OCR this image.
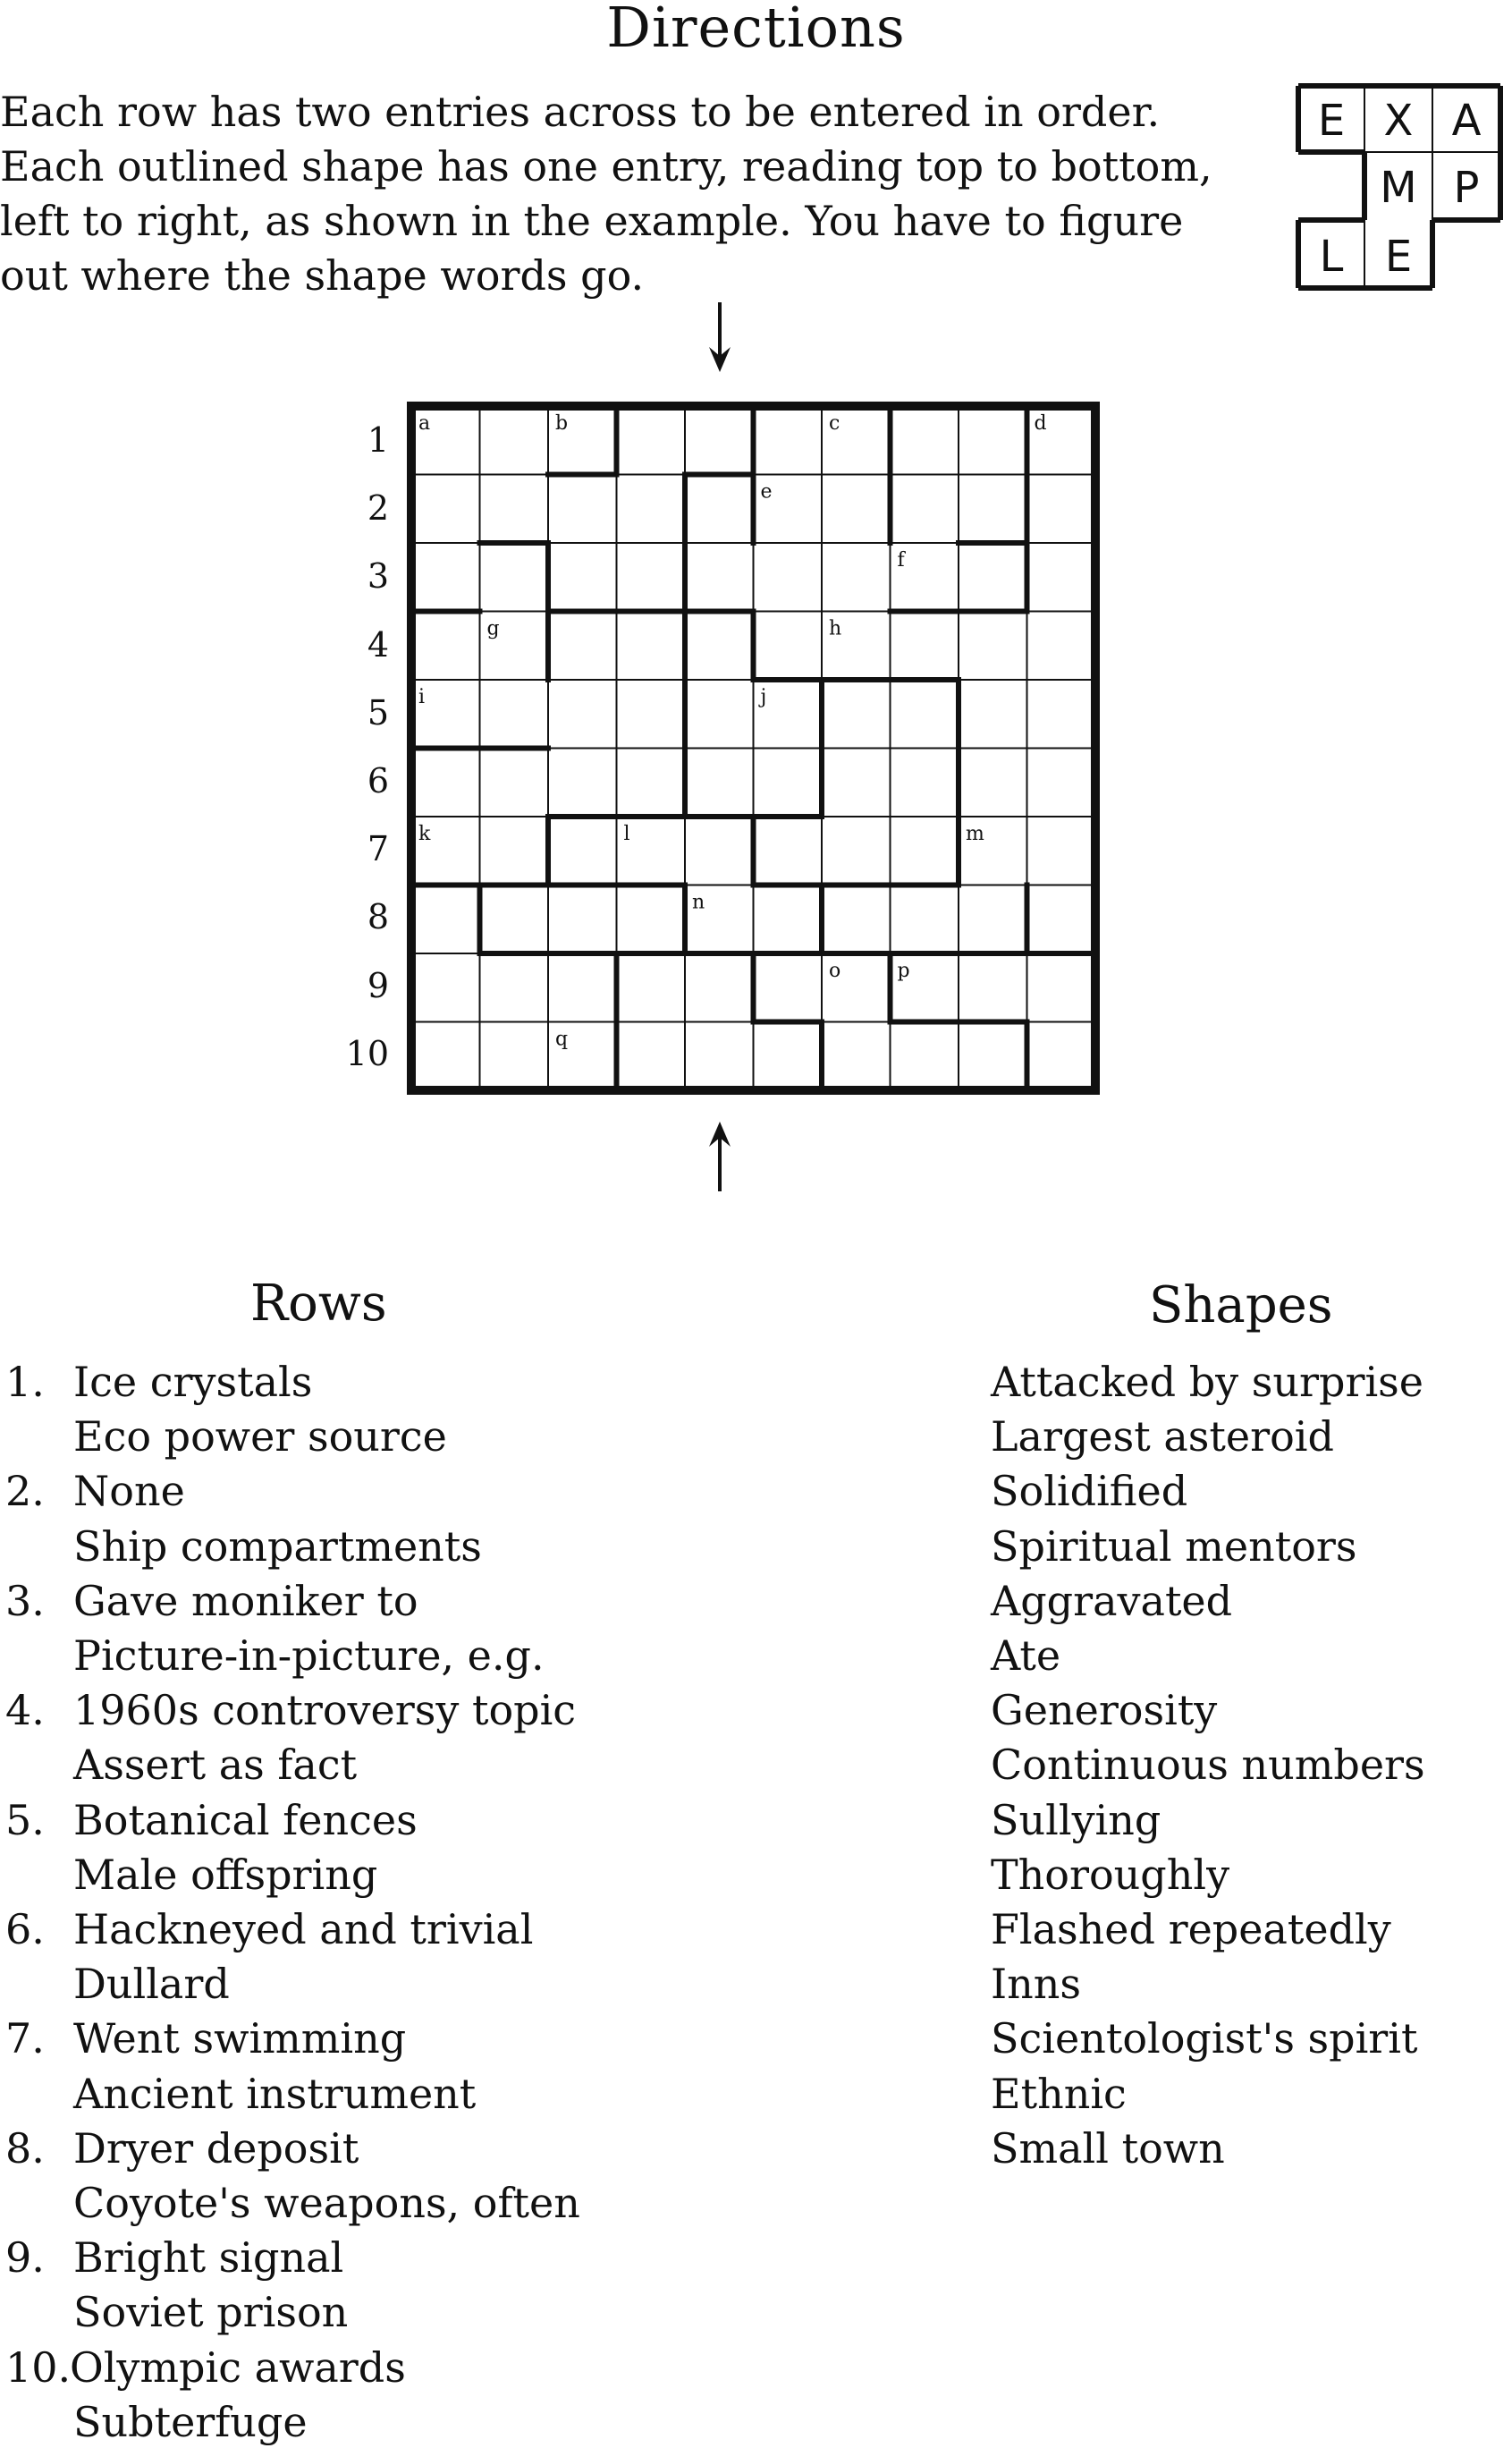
Directions
Each row has two entries across to be entered in order.
Each outlined shape has one entry, reading top to bottom,
left to right, as shown in the example. You have to figure
out where the shape words go.
E X A
M P
L E
1
2
3
4
5
6
7
8
9
10
a	b	c	d
e
f
g	h
i	j
k	l	m
n
o	p
q
Rows	Shapes
1. Ice crystals
Eco power source
2. None
Ship compartments
3. Gave moniker to
Picture-in-picture, e.g.
4. 1960s controversy topic
Assert as fact
5. Botanical fences
Male offspring
6. Hackneyed and trivial
Dullard
7. Went swimming
Ancient instrument
8. Dryer deposit
Coyote's weapons, often
9. Bright signal
Soviet prison
10.
Olympic awards
Subterfuge
Attacked by surprise
Largest asteroid
Solidified
Spiritual mentors
Aggravated
Ate
Generosity
Continuous numbers
Sullying
Thoroughly
Flashed repeatedly
Inns
Scientologist's spirit
Ethnic
Small town
